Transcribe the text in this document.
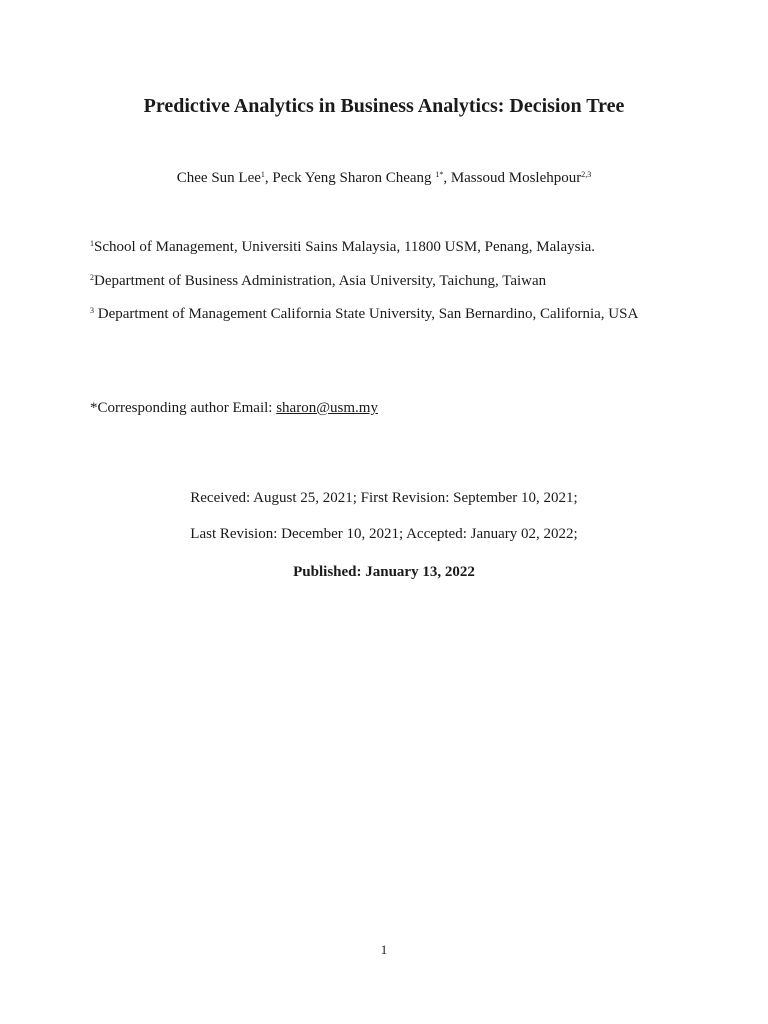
Predictive Analytics in Business Analytics: Decision Tree
Chee Sun Lee$^1$, Peck Yeng Sharon Cheang $^{1*}$, Massoud Moslehpour$^{2,3}$
$^1$School of Management, Universiti Sains Malaysia, 11800 USM, Penang, Malaysia.
$^2$Department of Business Administration, Asia University, Taichung, Taiwan
$^3$ Department of Management California State University, San Bernardino, California, USA
*Corresponding author Email: sharon@usm.my
Received: August 25, 2021; First Revision: September 10, 2021;
Last Revision: December 10, 2021; Accepted: January 02, 2022;
Published: January 13, 2022
1
